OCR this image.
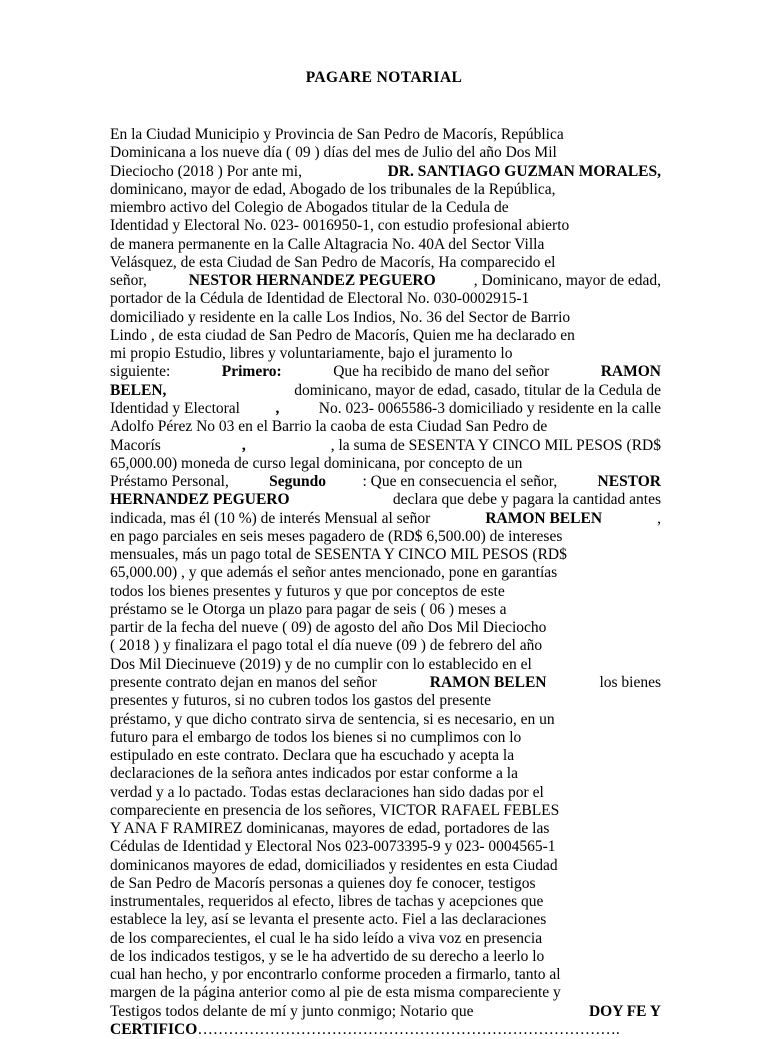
PAGARE NOTARIAL
En la Ciudad Municipio y Provincia de San Pedro de Macorís, República
Dominicana a los nueve día ( 09 ) días del mes de Julio del año Dos Mil
Dieciocho (2018 ) Por ante mi,	DR. SANTIAGO GUZMAN MORALES,
dominicano, mayor de edad, Abogado de los tribunales de la República,
miembro activo del Colegio de Abogados titular de la Cedula de
Identidad y Electoral No. 023- 0016950-1, con estudio profesional abierto
de manera permanente en la Calle Altagracia No. 40A del Sector Villa
Velásquez, de esta Ciudad de San Pedro de Macorís, Ha comparecido el
señor, NESTOR HERNANDEZ PEGUERO , Dominicano, mayor de edad,
portador de la Cédula de Identidad de Electoral No. 030-0002915-1
domiciliado y residente en la calle Los Indios, No. 36 del Sector de Barrio
Lindo , de esta ciudad de San Pedro de Macorís, Quien me ha declarado en
mi propio Estudio, libres y voluntariamente, bajo el juramento lo
siguiente:	Primero:	Que ha recibido de mano del señor	RAMON
BELEN,	dominicano, mayor de edad, casado, titular de la Cedula de
Identidad y Electoral , No. 023- 0065586-3 domiciliado y residente en la calle
Adolfo Pérez No 03 en el Barrio la caoba de esta Ciudad San Pedro de
Macorís	,	, la suma de SESENTA Y CINCO MIL PESOS (RD$
65,000.00) moneda de curso legal dominicana, por concepto de un
Préstamo Personal, Segundo : Que en consecuencia el señor, NESTOR
HERNANDEZ PEGUERO	declara que debe y pagara la cantidad antes
indicada, mas él (10 %) de interés Mensual al señor	RAMON BELEN	,
en pago parciales en seis meses pagadero de (RD$ 6,500.00) de intereses
mensuales, más un pago total de SESENTA Y CINCO MIL PESOS (RD$
65,000.00) , y que además el señor antes mencionado, pone en garantías
todos los bienes presentes y futuros y que por conceptos de este
préstamo se le Otorga un plazo para pagar de seis ( 06 ) meses a
partir de la fecha del nueve ( 09) de agosto del año Dos Mil Dieciocho
( 2018 ) y finalizara el pago total el día nueve (09 ) de febrero del año
Dos Mil Diecinueve (2019) y de no cumplir con lo establecido en el
presente contrato dejan en manos del señor	RAMON BELEN	los bienes
presentes y futuros, si no cubren todos los gastos del presente
préstamo, y que dicho contrato sirva de sentencia, si es necesario, en un
futuro para el embargo de todos los bienes si no cumplimos con lo
estipulado en este contrato. Declara que ha escuchado y acepta la
declaraciones de la señora antes indicados por estar conforme a la
verdad y a lo pactado. Todas estas declaraciones han sido dadas por el
compareciente en presencia de los señores, VICTOR RAFAEL FEBLES
Y ANA F RAMIREZ dominicanas, mayores de edad, portadores de las
Cédulas de Identidad y Electoral Nos 023-0073395-9 y 023- 0004565-1
dominicanos mayores de edad, domiciliados y residentes en esta Ciudad
de San Pedro de Macorís personas a quienes doy fe conocer, testigos
instrumentales, requeridos al efecto, libres de tachas y acepciones que
establece la ley, así se levanta el presente acto. Fiel a las declaraciones
de los comparecientes, el cual le ha sido leído a viva voz en presencia
de los indicados testigos, y se le ha advertido de su derecho a leerlo lo
cual han hecho, y por encontrarlo conforme proceden a firmarlo, tanto al
margen de la página anterior como al pie de esta misma compareciente y
Testigos todos delante de mí y junto conmigo; Notario que	DOY FE Y
CERTIFICO ……………………………………………………………………….
